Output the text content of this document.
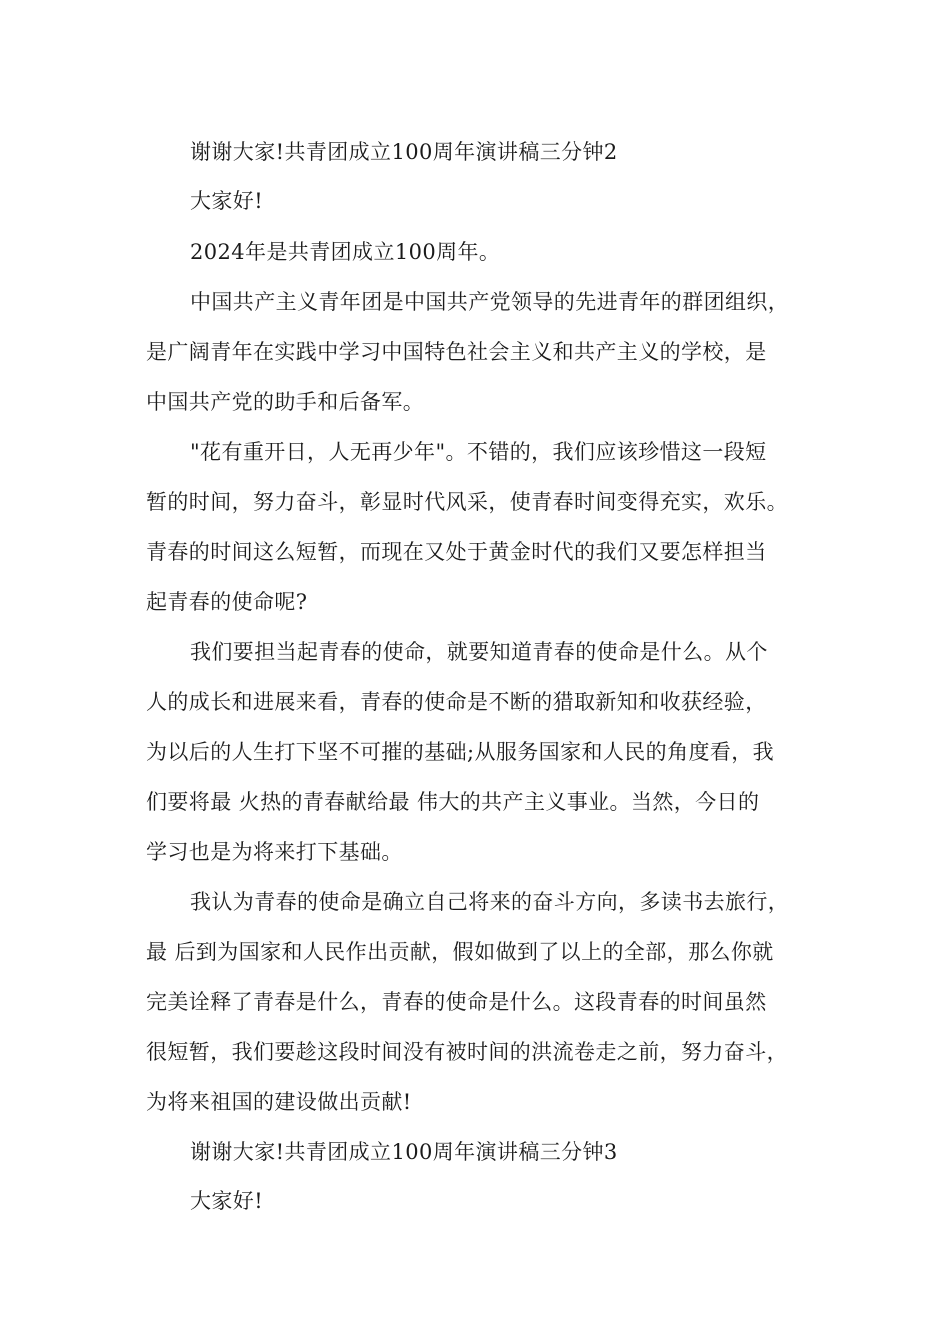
谢谢大家!共青团成立100周年演讲稿三分钟2
大家好!
2024年是共青团成立100周年。
中国共产主义青年团是中国共产党领导的先进青年的群团组织，
是广阔青年在实践中学习中国特色社会主义和共产主义的学校，是
中国共产党的助手和后备军。
"花有重开日，人无再少年"。不错的，我们应该珍惜这一段短
暂的时间，努力奋斗，彰显时代风采，使青春时间变得充实，欢乐。
青春的时间这么短暂，而现在又处于黄金时代的我们又要怎样担当
起青春的使命呢?
我们要担当起青春的使命，就要知道青春的使命是什么。从个
人的成长和进展来看，青春的使命是不断的猎取新知和收获经验，
为以后的人生打下坚不可摧的基础;从服务国家和人民的角度看，我
们要将最 火热的青春献给最 伟大的共产主义事业。当然，今日的
学习也是为将来打下基础。
我认为青春的使命是确立自己将来的奋斗方向，多读书去旅行，
最 后到为国家和人民作出贡献，假如做到了以上的全部，那么你就
完美诠释了青春是什么，青春的使命是什么。这段青春的时间虽然
很短暂，我们要趁这段时间没有被时间的洪流卷走之前，努力奋斗，
为将来祖国的建设做出贡献!
谢谢大家!共青团成立100周年演讲稿三分钟3
大家好!
